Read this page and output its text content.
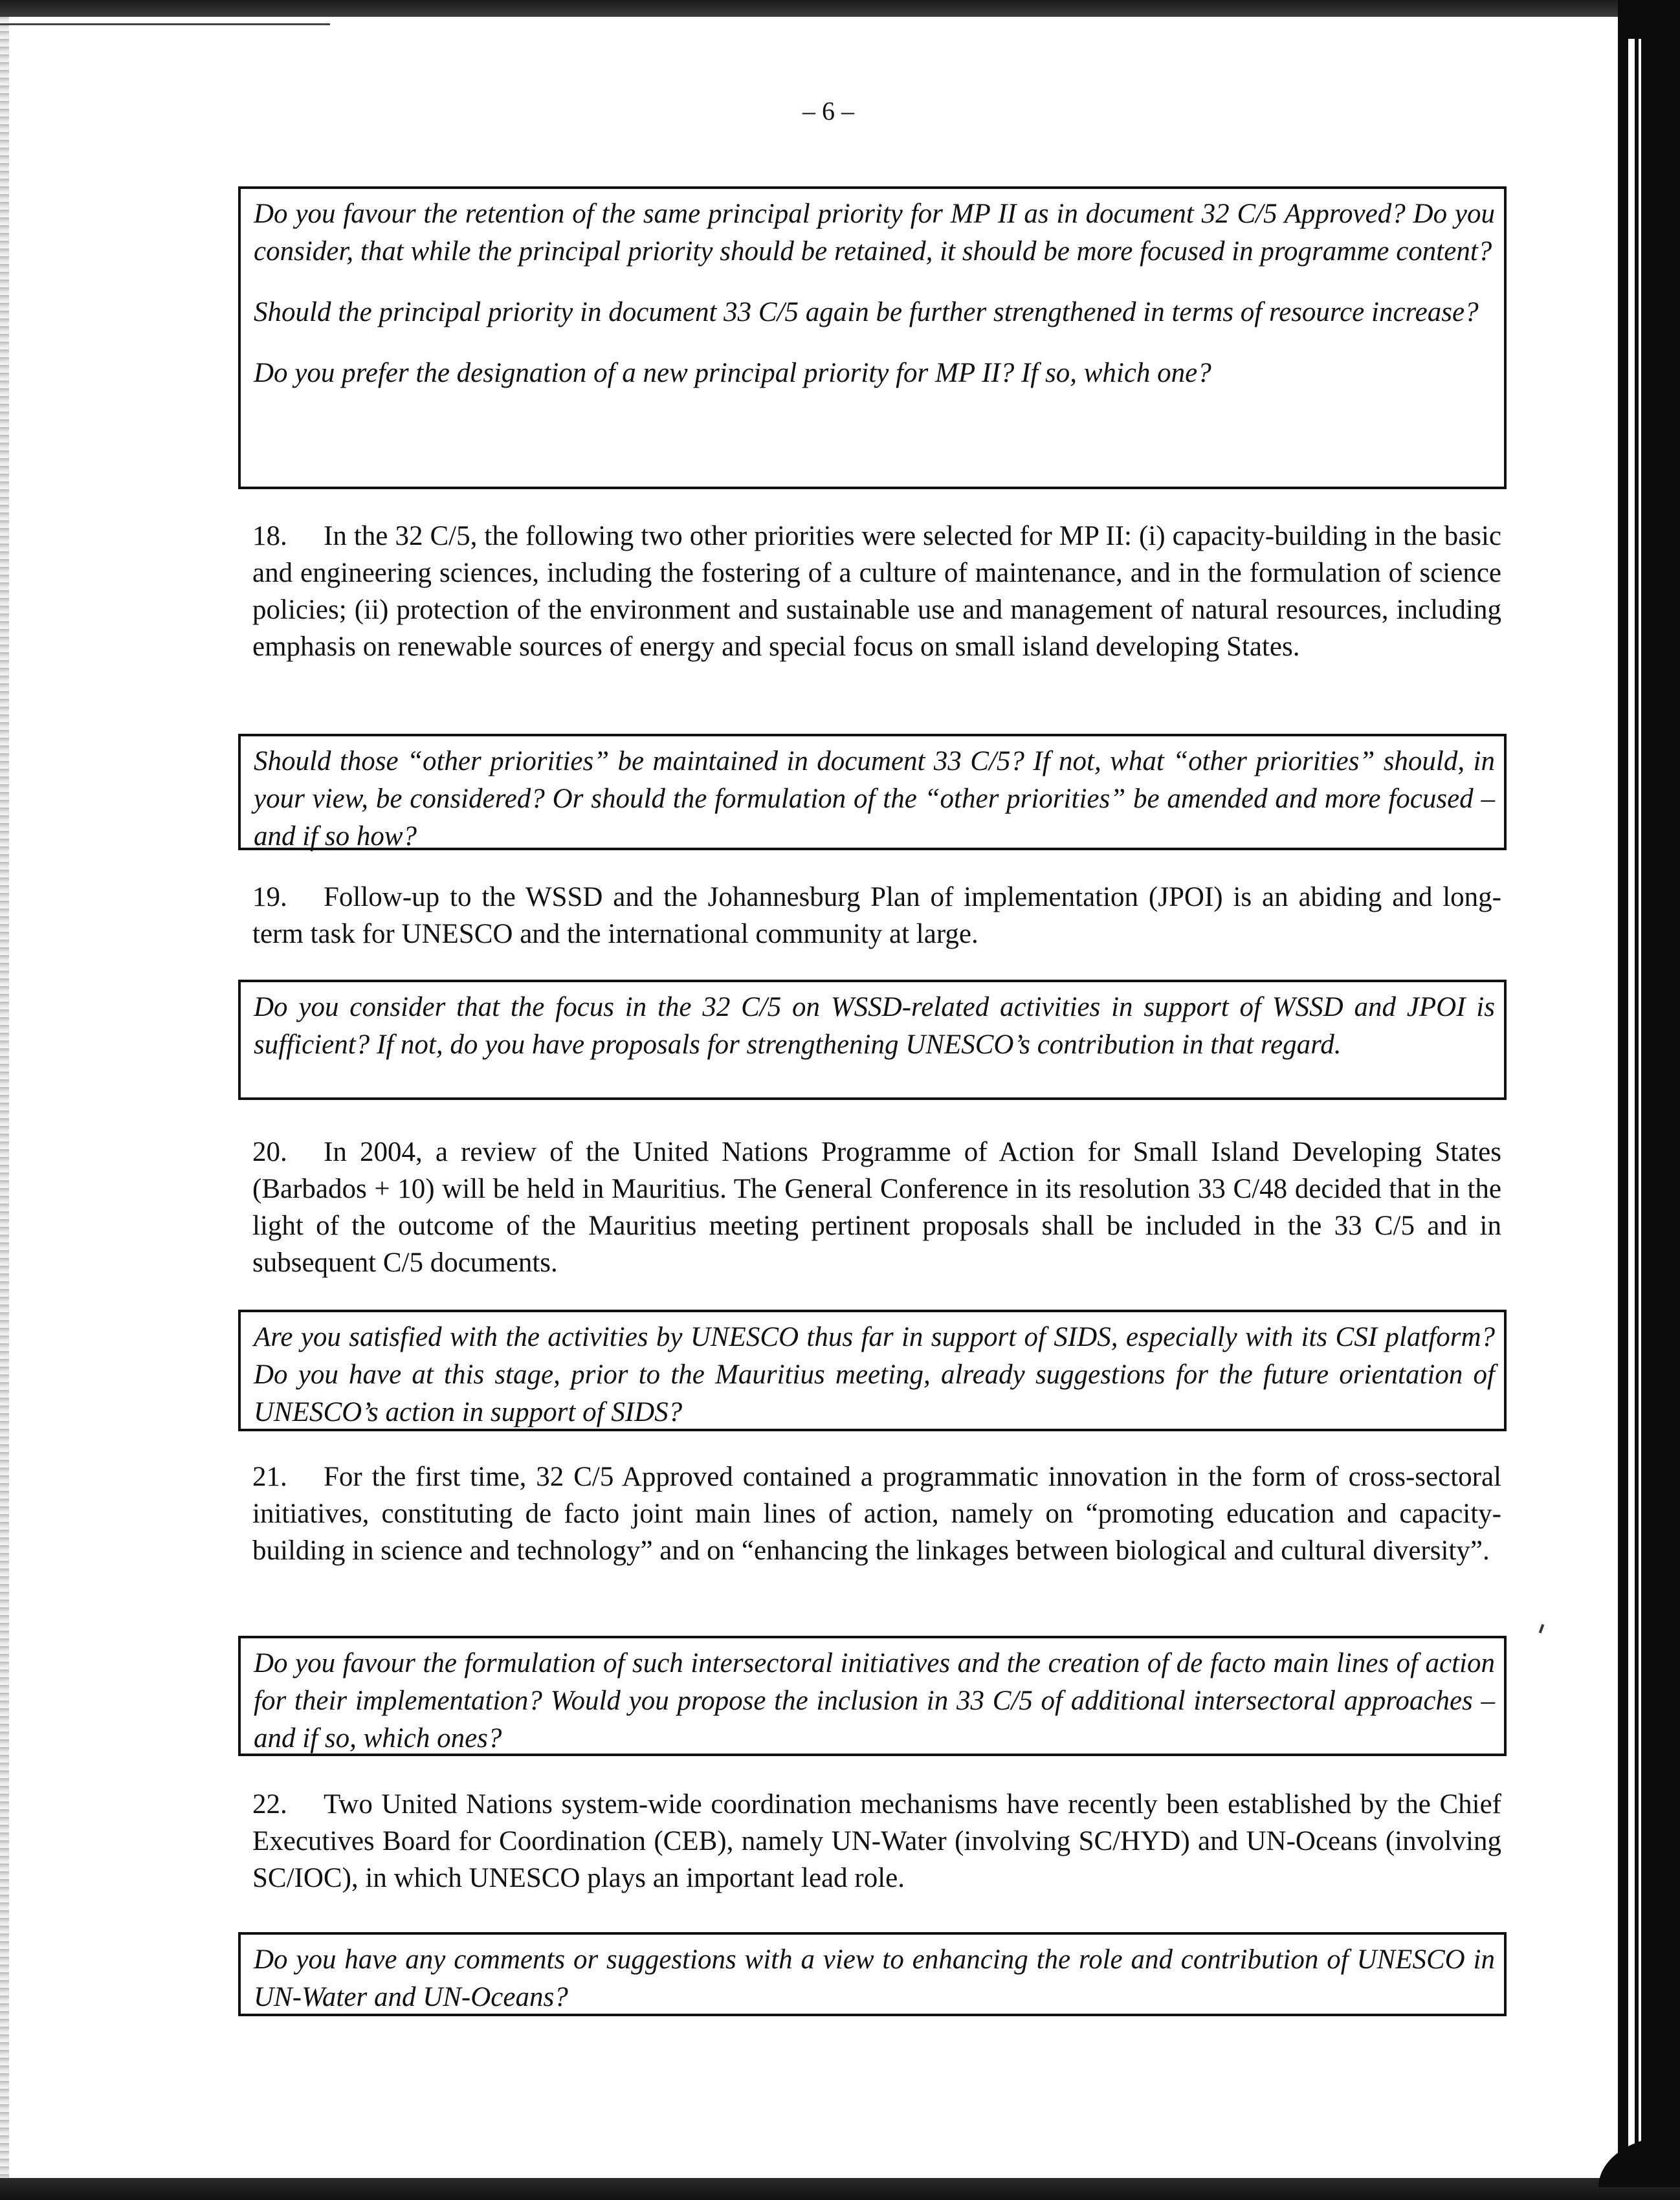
– 6 –

Do you favour the retention of the same principal priority for MP II as in document 32 C/5 Approved? Do you consider, that while the principal priority should be retained, it should be more focused in programme content?

Should the principal priority in document 33 C/5 again be further strengthened in terms of resource increase?

Do you prefer the designation of a new principal priority for MP II? If so, which one?

18. In the 32 C/5, the following two other priorities were selected for MP II: (i) capacity-building in the basic and engineering sciences, including the fostering of a culture of maintenance, and in the formulation of science policies; (ii) protection of the environment and sustainable use and management of natural resources, including emphasis on renewable sources of energy and special focus on small island developing States.

Should those “other priorities” be maintained in document 33 C/5? If not, what “other priorities” should, in your view, be considered? Or should the formulation of the “other priorities” be amended and more focused – and if so how?

19. Follow-up to the WSSD and the Johannesburg Plan of implementation (JPOI) is an abiding and long-term task for UNESCO and the international community at large.

Do you consider that the focus in the 32 C/5 on WSSD-related activities in support of WSSD and JPOI is sufficient? If not, do you have proposals for strengthening UNESCO’s contribution in that regard.

20. In 2004, a review of the United Nations Programme of Action for Small Island Developing States (Barbados + 10) will be held in Mauritius. The General Conference in its resolution 33 C/48 decided that in the light of the outcome of the Mauritius meeting pertinent proposals shall be included in the 33 C/5 and in subsequent C/5 documents.

Are you satisfied with the activities by UNESCO thus far in support of SIDS, especially with its CSI platform? Do you have at this stage, prior to the Mauritius meeting, already suggestions for the future orientation of UNESCO’s action in support of SIDS?

21. For the first time, 32 C/5 Approved contained a programmatic innovation in the form of cross-sectoral initiatives, constituting de facto joint main lines of action, namely on “promoting education and capacity-building in science and technology” and on “enhancing the linkages between biological and cultural diversity”.

Do you favour the formulation of such intersectoral initiatives and the creation of de facto main lines of action for their implementation? Would you propose the inclusion in 33 C/5 of additional intersectoral approaches – and if so, which ones?

22. Two United Nations system-wide coordination mechanisms have recently been established by the Chief Executives Board for Coordination (CEB), namely UN-Water (involving SC/HYD) and UN-Oceans (involving SC/IOC), in which UNESCO plays an important lead role.

Do you have any comments or suggestions with a view to enhancing the role and contribution of UNESCO in UN-Water and UN-Oceans?
